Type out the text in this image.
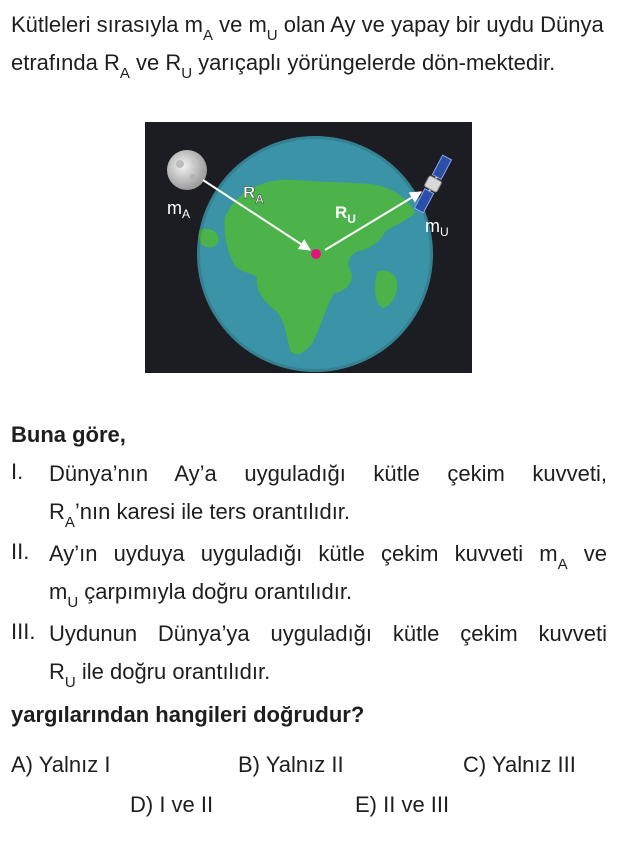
Kütleleri sırasıyla $m_A$ ve $m_U$ olan Ay ve yapay bir uydu Dünya etrafında $R_A$ ve $R_U$ yarıçaplı yörüngelerde dön-mektedir.
$m_A$
$R_A$
$R_U$	$m_U$
Buna göre,
I. Dünya’nın Ay’a uyguladığı kütle çekim kuvveti,
$R_A’nın$ karesi ile ters orantılıdır.
II. Ay’ın uyduya uyguladığı kütle çekim kuvveti $m_A$ ve
$m_U$ çarpımıyla doğru orantılıdır.
III. Uydunun Dünya’ya uyguladığı kütle çekim kuvveti
$R_U$ ile doğru orantılıdır.
yargılarından hangileri doğrudur?
A) Yalnız I	B) Yalnız II	C) Yalnız III
D) I ve II	E) II ve III
